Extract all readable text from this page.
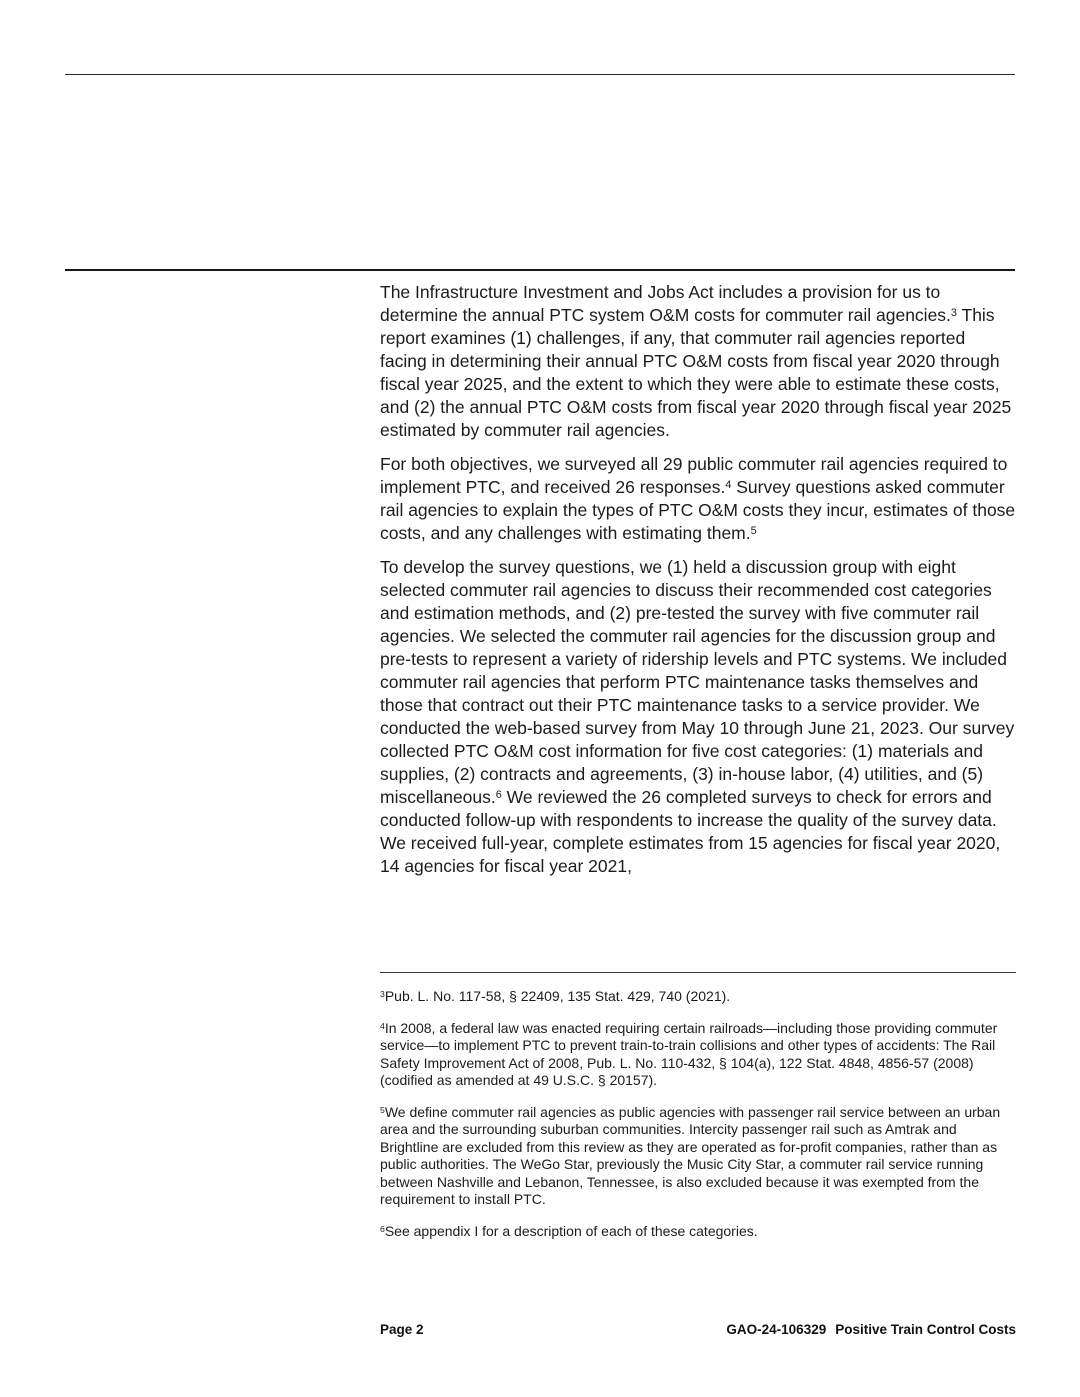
The Infrastructure Investment and Jobs Act includes a provision for us to determine the annual PTC system O&M costs for commuter rail agencies.$^3$ This report examines (1) challenges, if any, that commuter rail agencies reported facing in determining their annual PTC O&M costs from fiscal year 2020 through fiscal year 2025, and the extent to which they were able to estimate these costs, and (2) the annual PTC O&M costs from fiscal year 2020 through fiscal year 2025 estimated by commuter rail agencies.

For both objectives, we surveyed all 29 public commuter rail agencies required to implement PTC, and received 26 responses.$^4$ Survey questions asked commuter rail agencies to explain the types of PTC O&M costs they incur, estimates of those costs, and any challenges with estimating them.$^5$

To develop the survey questions, we (1) held a discussion group with eight selected commuter rail agencies to discuss their recommended cost categories and estimation methods, and (2) pre-tested the survey with five commuter rail agencies. We selected the commuter rail agencies for the discussion group and pre-tests to represent a variety of ridership levels and PTC systems. We included commuter rail agencies that perform PTC maintenance tasks themselves and those that contract out their PTC maintenance tasks to a service provider. We conducted the web-based survey from May 10 through June 21, 2023. Our survey collected PTC O&M cost information for five cost categories: (1) materials and supplies, (2) contracts and agreements, (3) in-house labor, (4) utilities, and (5) miscellaneous.$^6$ We reviewed the 26 completed surveys to check for errors and conducted follow-up with respondents to increase the quality of the survey data. We received full-year, complete estimates from 15 agencies for fiscal year 2020, 14 agencies for fiscal year 2021,

$^3$Pub. L. No. 117-58, § 22409, 135 Stat. 429, 740 (2021).

$^4$In 2008, a federal law was enacted requiring certain railroads—including those providing commuter service—to implement PTC to prevent train-to-train collisions and other types of accidents: The Rail Safety Improvement Act of 2008, Pub. L. No. 110-432, § 104(a), 122 Stat. 4848, 4856-57 (2008) (codified as amended at 49 U.S.C. § 20157).

$^5$We define commuter rail agencies as public agencies with passenger rail service between an urban area and the surrounding suburban communities. Intercity passenger rail such as Amtrak and Brightline are excluded from this review as they are operated as for-profit companies, rather than as public authorities. The WeGo Star, previously the Music City Star, a commuter rail service running between Nashville and Lebanon, Tennessee, is also excluded because it was exempted from the requirement to install PTC.

$^6$See appendix I for a description of each of these categories.

Page 2	GAO-24-106329 Positive Train Control Costs
